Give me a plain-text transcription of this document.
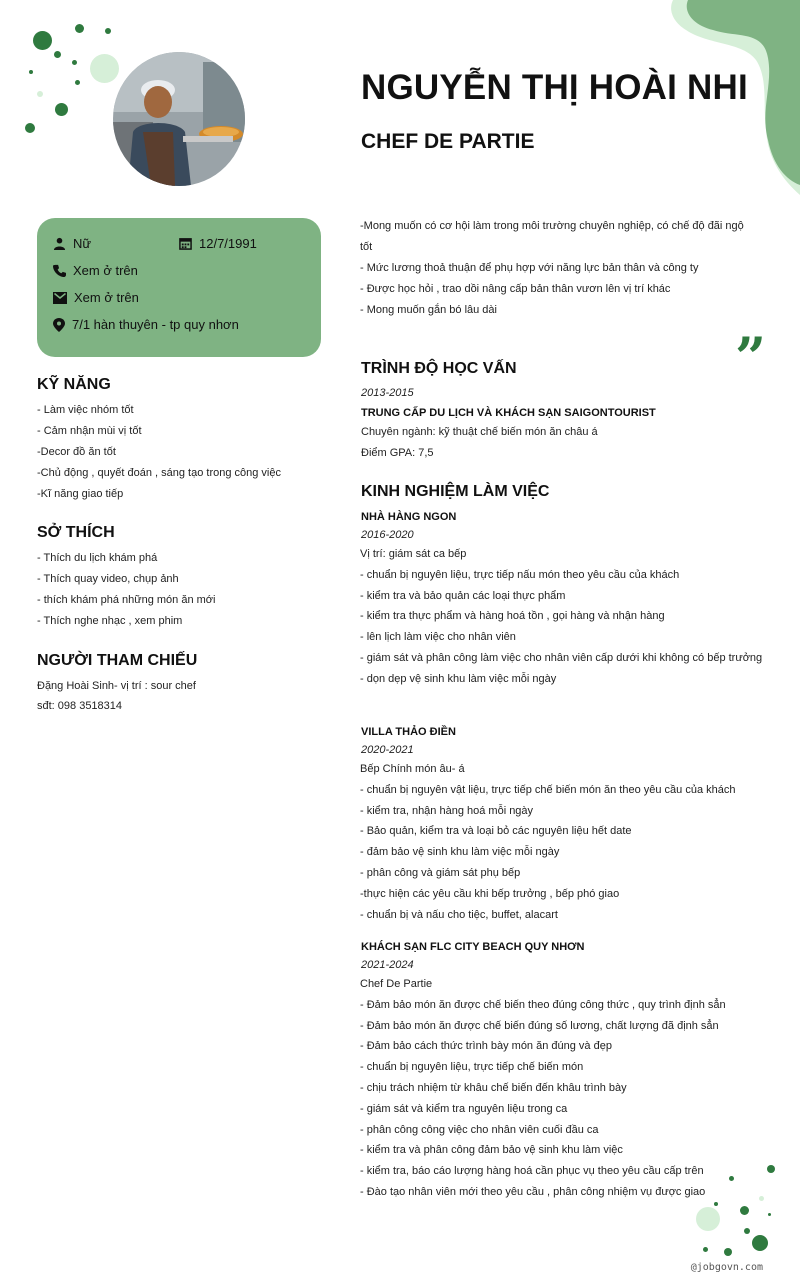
NGUYỄN THỊ HOÀI NHI
CHEF DE PARTIE
Nữ	12/7/1991
Xem ở trên
Xem ở trên
7/1 hàn thuyên - tp quy nhơn
KỸ NĂNG
- Làm việc nhóm tốt
- Cảm nhận mùi vị tốt
-Decor đồ ăn tốt
-Chủ động , quyết đoán , sáng tạo trong công việc
-Kĩ năng giao tiếp
SỞ THÍCH
- Thích du lịch khám phá
- Thích quay video, chụp ảnh
- thích khám phá những món ăn mới
- Thích nghe nhạc , xem phim
NGƯỜI THAM CHIẾU
Đặng Hoài Sinh- vị trí : sour chef
sđt: 098 3518314
-Mong muốn có cơ hội làm trong môi trường chuyên nghiệp, có chế độ đãi ngộ
tốt
- Mức lương thoả thuận để phụ hợp với năng lực bản thân và công ty
- Được học hỏi , trao dồi nâng cấp bản thân vươn lên vị trí khác
- Mong muốn gắn bó lâu dài
”
TRÌNH ĐỘ HỌC VẤN
2013-2015
TRUNG CẤP DU LỊCH VÀ KHÁCH SẠN SAIGONTOURIST
Chuyên ngành: kỹ thuật chế biến món ăn châu á
Điểm GPA: 7,5
KINH NGHIỆM LÀM VIỆC
NHÀ HÀNG NGON
2016-2020
Vị trí: giám sát ca bếp
- chuẩn bị nguyên liệu, trực tiếp nấu món theo yêu cầu của khách
- kiểm tra và bảo quản các loại thực phẩm
- kiểm tra thực phẩm và hàng hoá tồn , gọi hàng và nhận hàng
- lên lịch làm việc cho nhân viên
- giám sát và phân công làm việc cho nhân viên cấp dưới khi không có bếp trưởng
- dọn dẹp vệ sinh khu làm việc mỗi ngày
VILLA THẢO ĐIỀN
2020-2021
Bếp Chính món âu- á
- chuẩn bị nguyên vật liệu, trực tiếp chế biến món ăn theo yêu cầu của khách
- kiểm tra, nhận hàng hoá mỗi ngày
- Bảo quản, kiểm tra và loại bỏ các nguyên liệu hết date
- đảm bảo vệ sinh khu làm việc mỗi ngày
- phân công và giám sát phụ bếp
-thực hiện các yêu cầu khi bếp trưởng , bếp phó giao
- chuẩn bị và nấu cho tiệc, buffet, alacart
KHÁCH SẠN FLC CITY BEACH QUY NHƠN
2021-2024
Chef De Partie
- Đảm bảo món ăn được chế biến theo đúng công thức , quy trình định sẳn
- Đảm bảo món ăn được chế biến đúng số lương, chất lượng đã định sẳn
- Đảm bảo cách thức trình bày món ăn đúng và đẹp
- chuẩn bị nguyên liệu, trực tiếp chế biến món
- chịu trách nhiệm từ khâu chế biến đến khâu trình bày
- giám sát và kiểm tra nguyên liệu trong ca
- phân công công việc cho nhân viên cuối đầu ca
- kiểm tra và phân công đảm bảo vệ sinh khu làm việc
- kiểm tra, báo cáo lượng hàng hoá cần phục vụ theo yêu cầu cấp trên
- Đào tạo nhân viên mới theo yêu cầu , phân công nhiệm vụ được giao
@jobgovn.com
